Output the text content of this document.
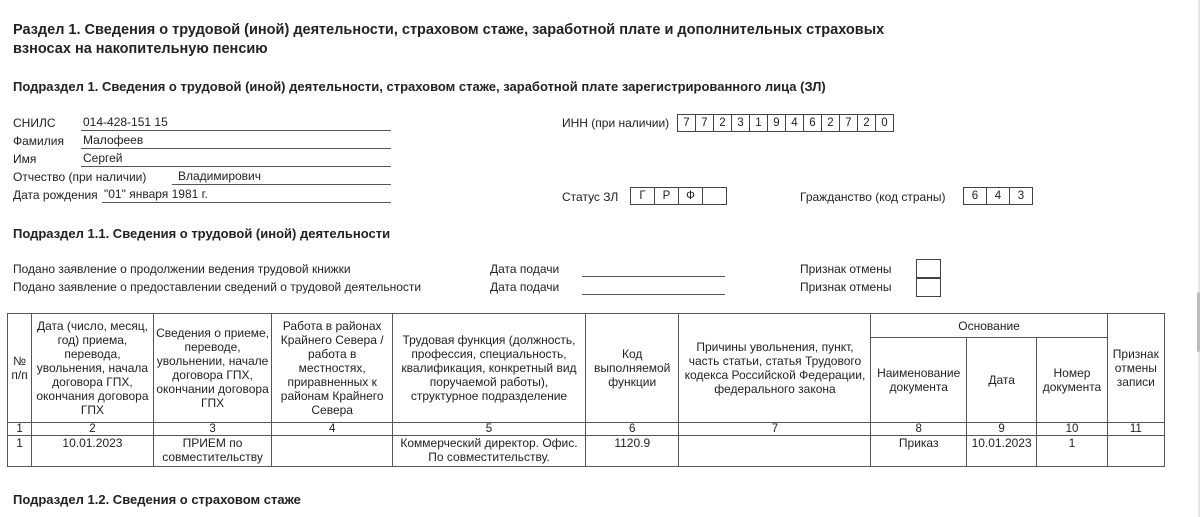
Раздел 1. Сведения о трудовой (иной) деятельности, страховом стаже, заработной плате и дополнительных страховых
взносах на накопительную пенсию
Подраздел 1. Сведения о трудовой (иной) деятельности, страховом стаже, заработной плате зарегистрированного лица (ЗЛ)
СНИЛС 014-428-151 15
Фамилия Малофеев
Имя	Сергей
Отчество (при наличии)	Владимирович
Дата рождения "01" января 1981 г.
ИНН (при наличии)	7	7	2	3	1	9	4	6	2	7	2	0
Статус ЗЛ	Г	Р	Ф	Гражданство (код страны)	6	4	3
Подраздел 1.1. Сведения о трудовой (иной) деятельности
Подано заявление о продолжении ведения трудовой книжки	Дата подачи	Признак отмены
Подано заявление о предоставлении сведений о трудовой деятельности	Дата подачи	Признак отмены
№ п/п	Дата (число, месяц, год) приема, перевода, увольнения, начала договора ГПХ, окончания договора ГПХ	Сведения о приеме, переводе, увольнении, начале договора ГПХ, окончании договора ГПХ	Работа в районах Крайнего Севера / работа в местностях, приравненных к районам Крайнего Севера	Трудовая функция (должность, профессия, специальность, квалификация, конкретный вид поручаемой работы), структурное подразделение	Код выполняемой функции	Причины увольнения, пункт, часть статьи, статья Трудового кодекса Российской Федерации, федерального закона	Основание			Признак отмены записи
							Наименование документа	Дата	Номер документа	
1	2	3	4	5	6	7	8	9	10	11
1	10.01.2023	ПРИЕМ по совместительству		Коммерческий директор. Офис. По совместительству.	1120.9		Приказ	10.01.2023	1	
Подраздел 1.2. Сведения о страховом стаже
